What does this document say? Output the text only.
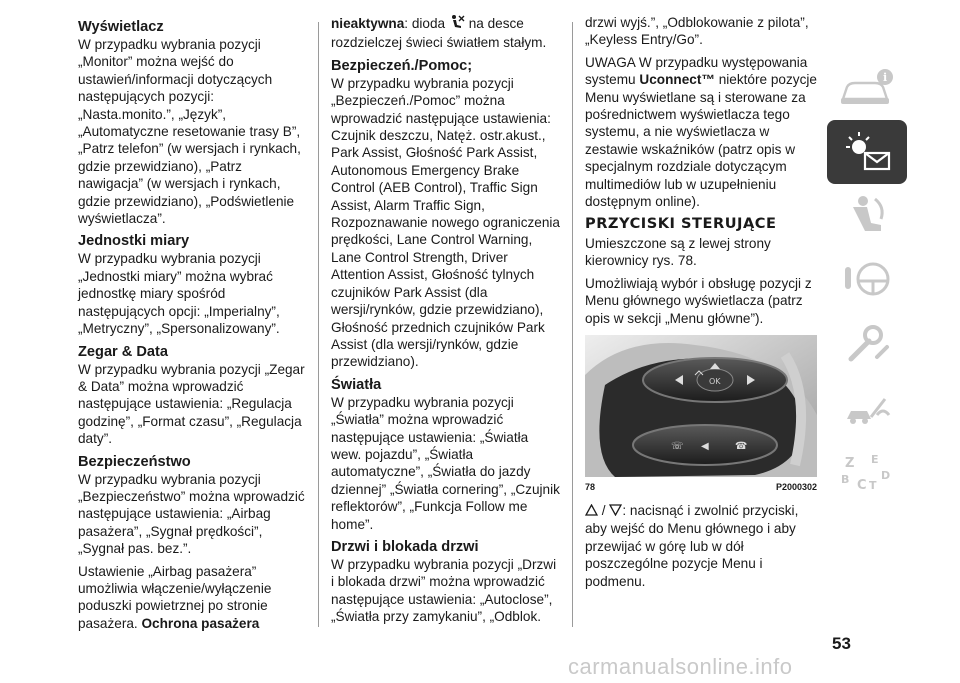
Wyświetlacz

W przypadku wybrania pozycji „Monitor” można wejść do ustawień/informacji dotyczących następujących pozycji: „Nasta.monito.”, „Język”, „Automatyczne resetowanie trasy B”, „Patrz telefon” (w wersjach i rynkach, gdzie przewidziano), „Patrz nawigacja” (w wersjach i rynkach, gdzie przewidziano), „Podświetlenie wyświetlacza”.

Jednostki miary

W przypadku wybrania pozycji „Jednostki miary” można wybrać jednostkę miary spośród następujących opcji: „Imperialny”, „Metryczny”, „Spersonalizowany”.

Zegar & Data

W przypadku wybrania pozycji „Zegar & Data” można wprowadzić następujące ustawienia: „Regulacja godzinę”, „Format czasu”, „Regulacja daty”.

Bezpieczeństwo

W przypadku wybrania pozycji „Bezpieczeństwo” można wprowadzić następujące ustawienia: „Airbag pasażera”, „Sygnał prędkości”, „Sygnał pas. bez.”.

Ustawienie „Airbag pasażera” umożliwia włączenie/wyłączenie poduszki powietrznej po stronie pasażera. Ochrona pasażera

nieaktywna: dioda na desce rozdzielczej świeci światłem stałym.

Bezpieczeń./Pomoc;

W przypadku wybrania pozycji „Bezpieczeń./Pomoc” można wprowadzić następujące ustawienia: Czujnik deszczu, Natęż. ostr.akust., Park Assist, Głośność Park Assist, Autonomous Emergency Brake Control (AEB Control), Traffic Sign Assist, Alarm Traffic Sign, Rozpoznawanie nowego ograniczenia prędkości, Lane Control Warning, Lane Control Strength, Driver Attention Assist, Głośność tylnych czujników Park Assist (dla wersji/rynków, gdzie przewidziano), Głośność przednich czujników Park Assist (dla wersji/rynków, gdzie przewidziano).

Światła

W przypadku wybrania pozycji „Światła” można wprowadzić następujące ustawienia: „Światła wew. pojazdu”, „Światła automatyczne”, „Światła do jazdy dziennej” „Światła cornering”, „Czujnik reflektorów”, „Funkcja Follow me home”.

Drzwi i blokada drzwi

W przypadku wybrania pozycji „Drzwi i blokada drzwi” można wprowadzić następujące ustawienia: „Autoclose”, „Światła przy zamykaniu”, „Odblok.

drzwi wyjś.”, „Odblokowanie z pilota”, „Keyless Entry/Go”.

UWAGA W przypadku występowania systemu Uconnect™ niektóre pozycje Menu wyświetlane są i sterowane za pośrednictwem wyświetlacza tego systemu, a nie wyświetlacza w zestawie wskaźników (patrz opis w specjalnym rozdziale dotyczącym multimediów lub w uzupełnieniu dostępnym online).

PRZYCISKI STERUJĄCE

Umieszczone są z lewej strony kierownicy rys. 78.

Umożliwiają wybór i obsługę pozycji z Menu głównego wyświetlacza (patrz opis w sekcji „Menu główne”).

OK
☏ ◀	☎
78	P2000302

/ : nacisnąć i zwolnić przyciski, aby wejść do Menu głównego i aby przewijać w górę lub w dół poszczególne pozycje Menu i podmenu.

i
Z E
B C T
D
53
carmanualsonline.info
